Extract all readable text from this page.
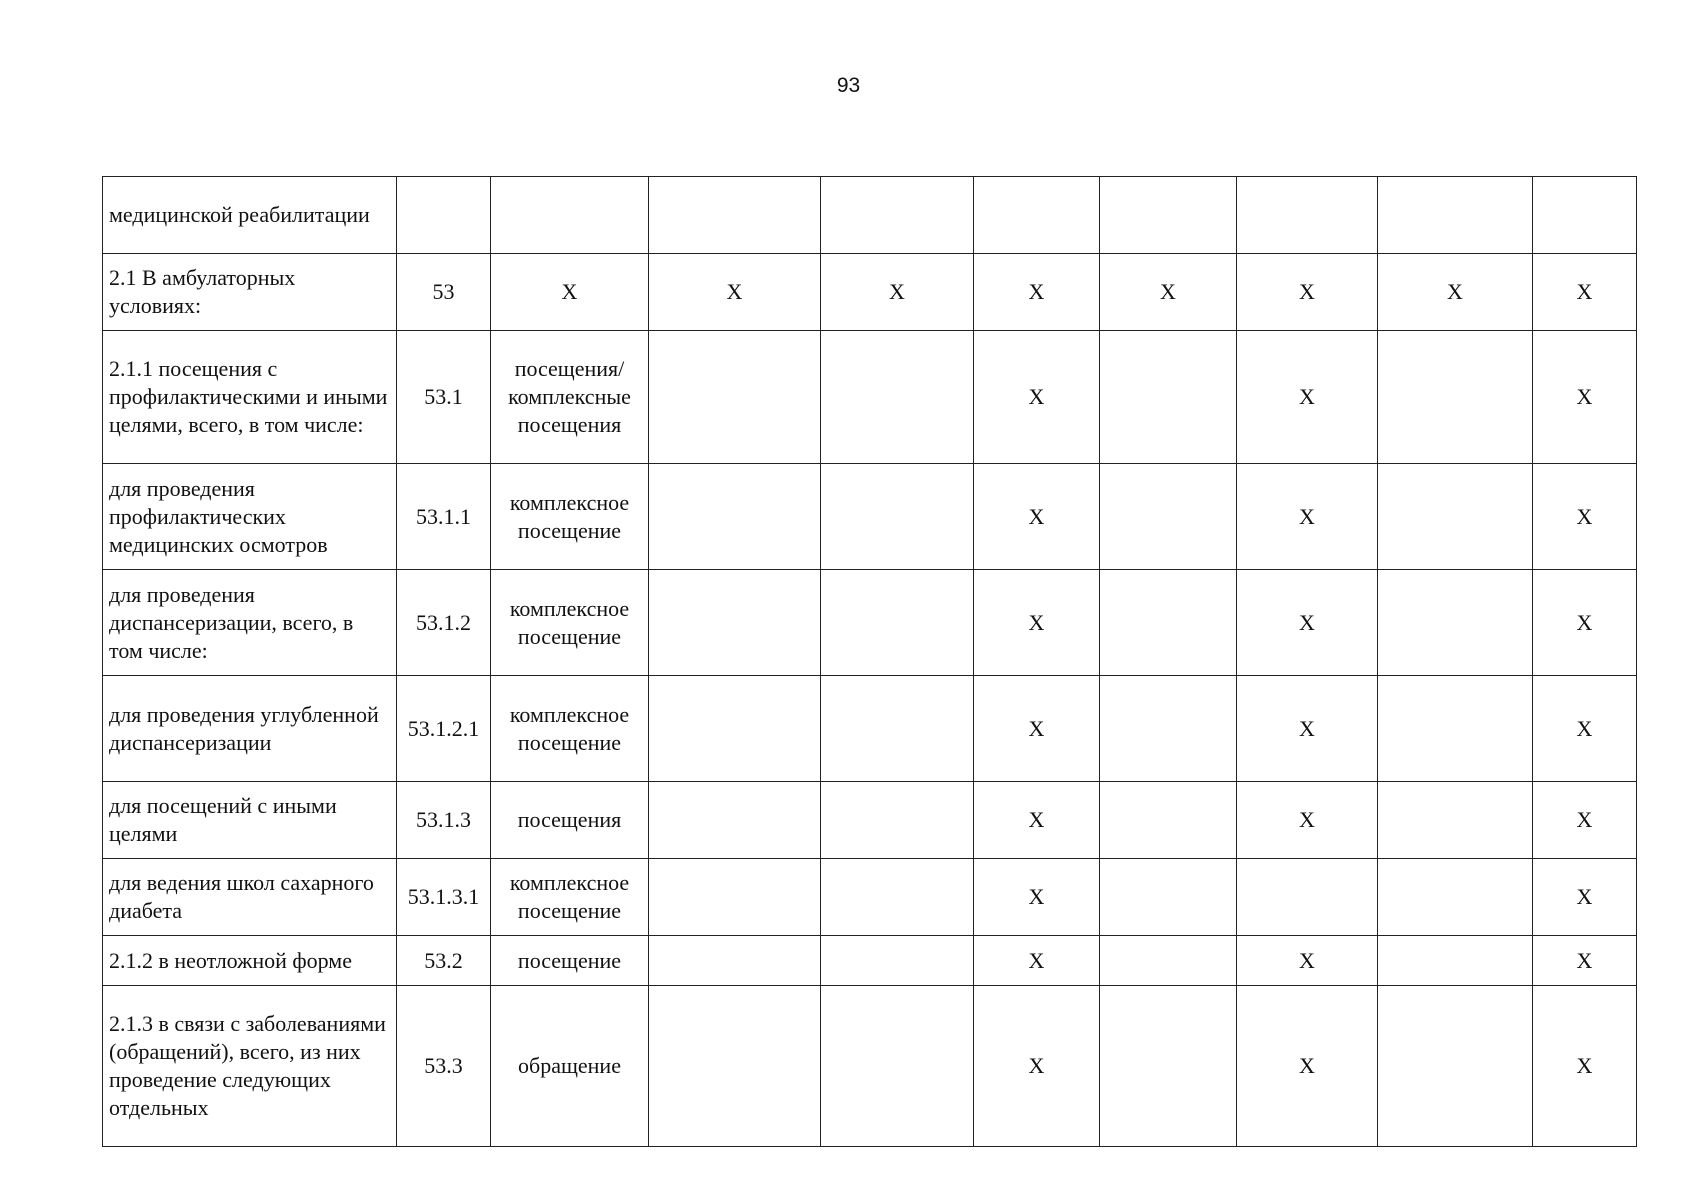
93
медицинской реабилитации									
2.1 В амбулаторных условиях:	53	X	X	X	X	X	X	X	X
2.1.1 посещения с профилактическими и иными целями, всего, в том числе:	53.1	посещения/комплексные посещения			X		X		X
для проведения профилактических медицинских осмотров	53.1.1	комплексное посещение			X		X		X
для проведения диспансеризации, всего, в том числе:	53.1.2	комплексное посещение			X		X		X
для проведения углубленной диспансеризации	53.1.2.1	комплексное посещение			X		X		X
для посещений с иными целями	53.1.3	посещения			X		X		X
для ведения школ сахарного диабета	53.1.3.1	комплексное посещение			X				X
2.1.2 в неотложной форме	53.2	посещение			X		X		X
2.1.3 в связи с заболеваниями (обращений), всего, из них проведение следующих отдельных	53.3	обращение			X		X		X
